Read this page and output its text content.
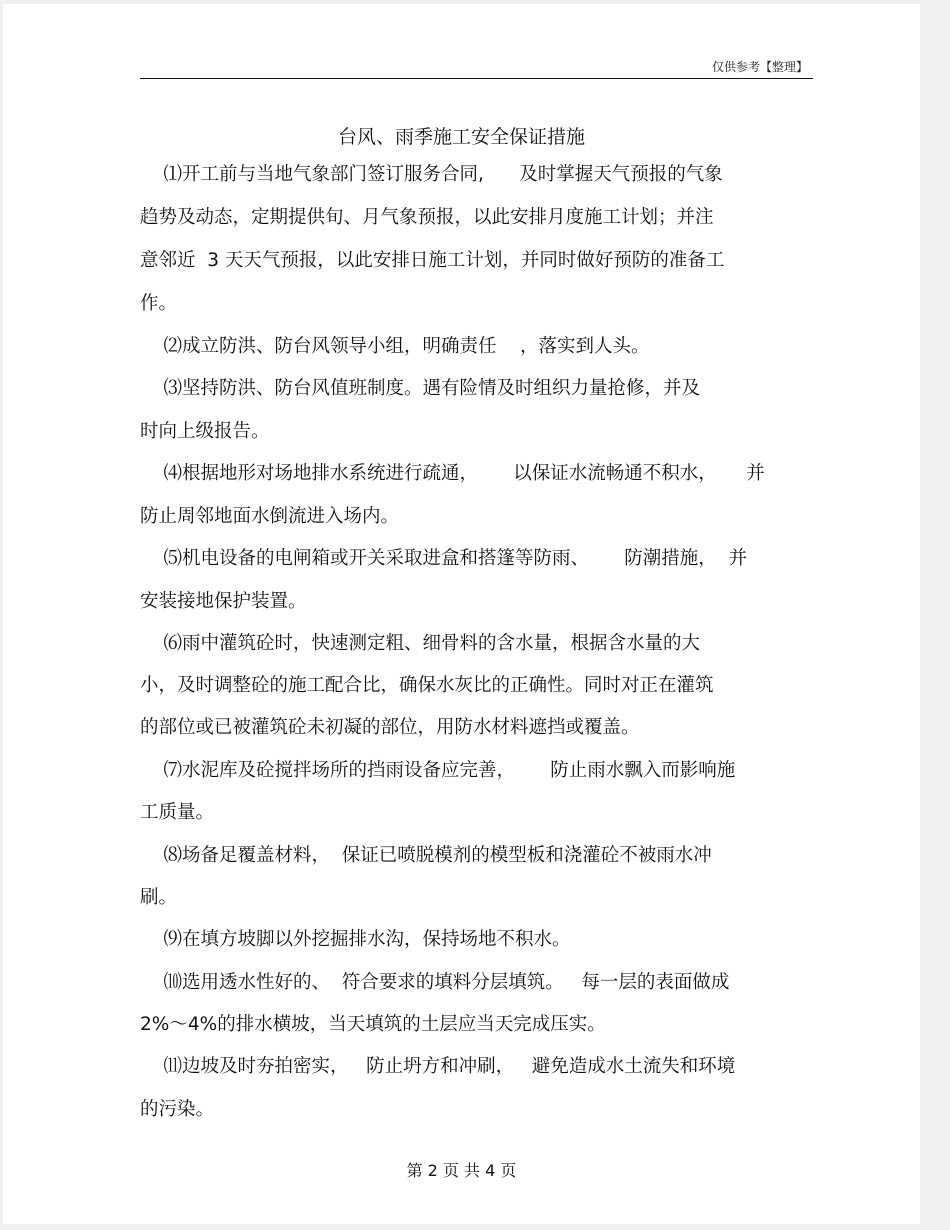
仅供参考【整理】
台风、雨季施工安全保证措施
⑴开工前与当地气象部门签订服务合同,      及时掌握天气预报的气象
趋势及动态，定期提供旬、月气象预报，以此安排月度施工计划；并注
意邻近  3 天天气预报，以此安排日施工计划，并同时做好预防的准备工
作。
⑵成立防洪、防台风领导小组，明确责任    ，落实到人头。
⑶坚持防洪、防台风值班制度。遇有险情及时组织力量抢修，并及
时向上级报告。
⑷根据地形对场地排水系统进行疏通，      以保证水流畅通不积水，     并
防止周邻地面水倒流进入场内。
⑸机电设备的电闸箱或开关采取进盒和搭篷等防雨、      防潮措施，  并
安装接地保护装置。
⑹雨中灌筑砼时，快速测定粗、细骨料的含水量，根据含水量的大
小，及时调整砼的施工配合比，确保水灰比的正确性。同时对正在灌筑
的部位或已被灌筑砼未初凝的部位，用防水材料遮挡或覆盖。
⑺水泥库及砼搅拌场所的挡雨设备应完善，      防止雨水飘入而影响施
工质量。
⑻场备足覆盖材料，  保证已喷脱模剂的模型板和浇灌砼不被雨水冲
刷。
⑼在填方坡脚以外挖掘排水沟，保持场地不积水。
⑽选用透水性好的、  符合要求的填料分层填筑。   每一层的表面做成
2%～4%的排水横坡，当天填筑的土层应当天完成压实。
⑾边坡及时夯拍密实，   防止坍方和冲刷，   避免造成水土流失和环境
的污染。
第 2 页 共 4 页
